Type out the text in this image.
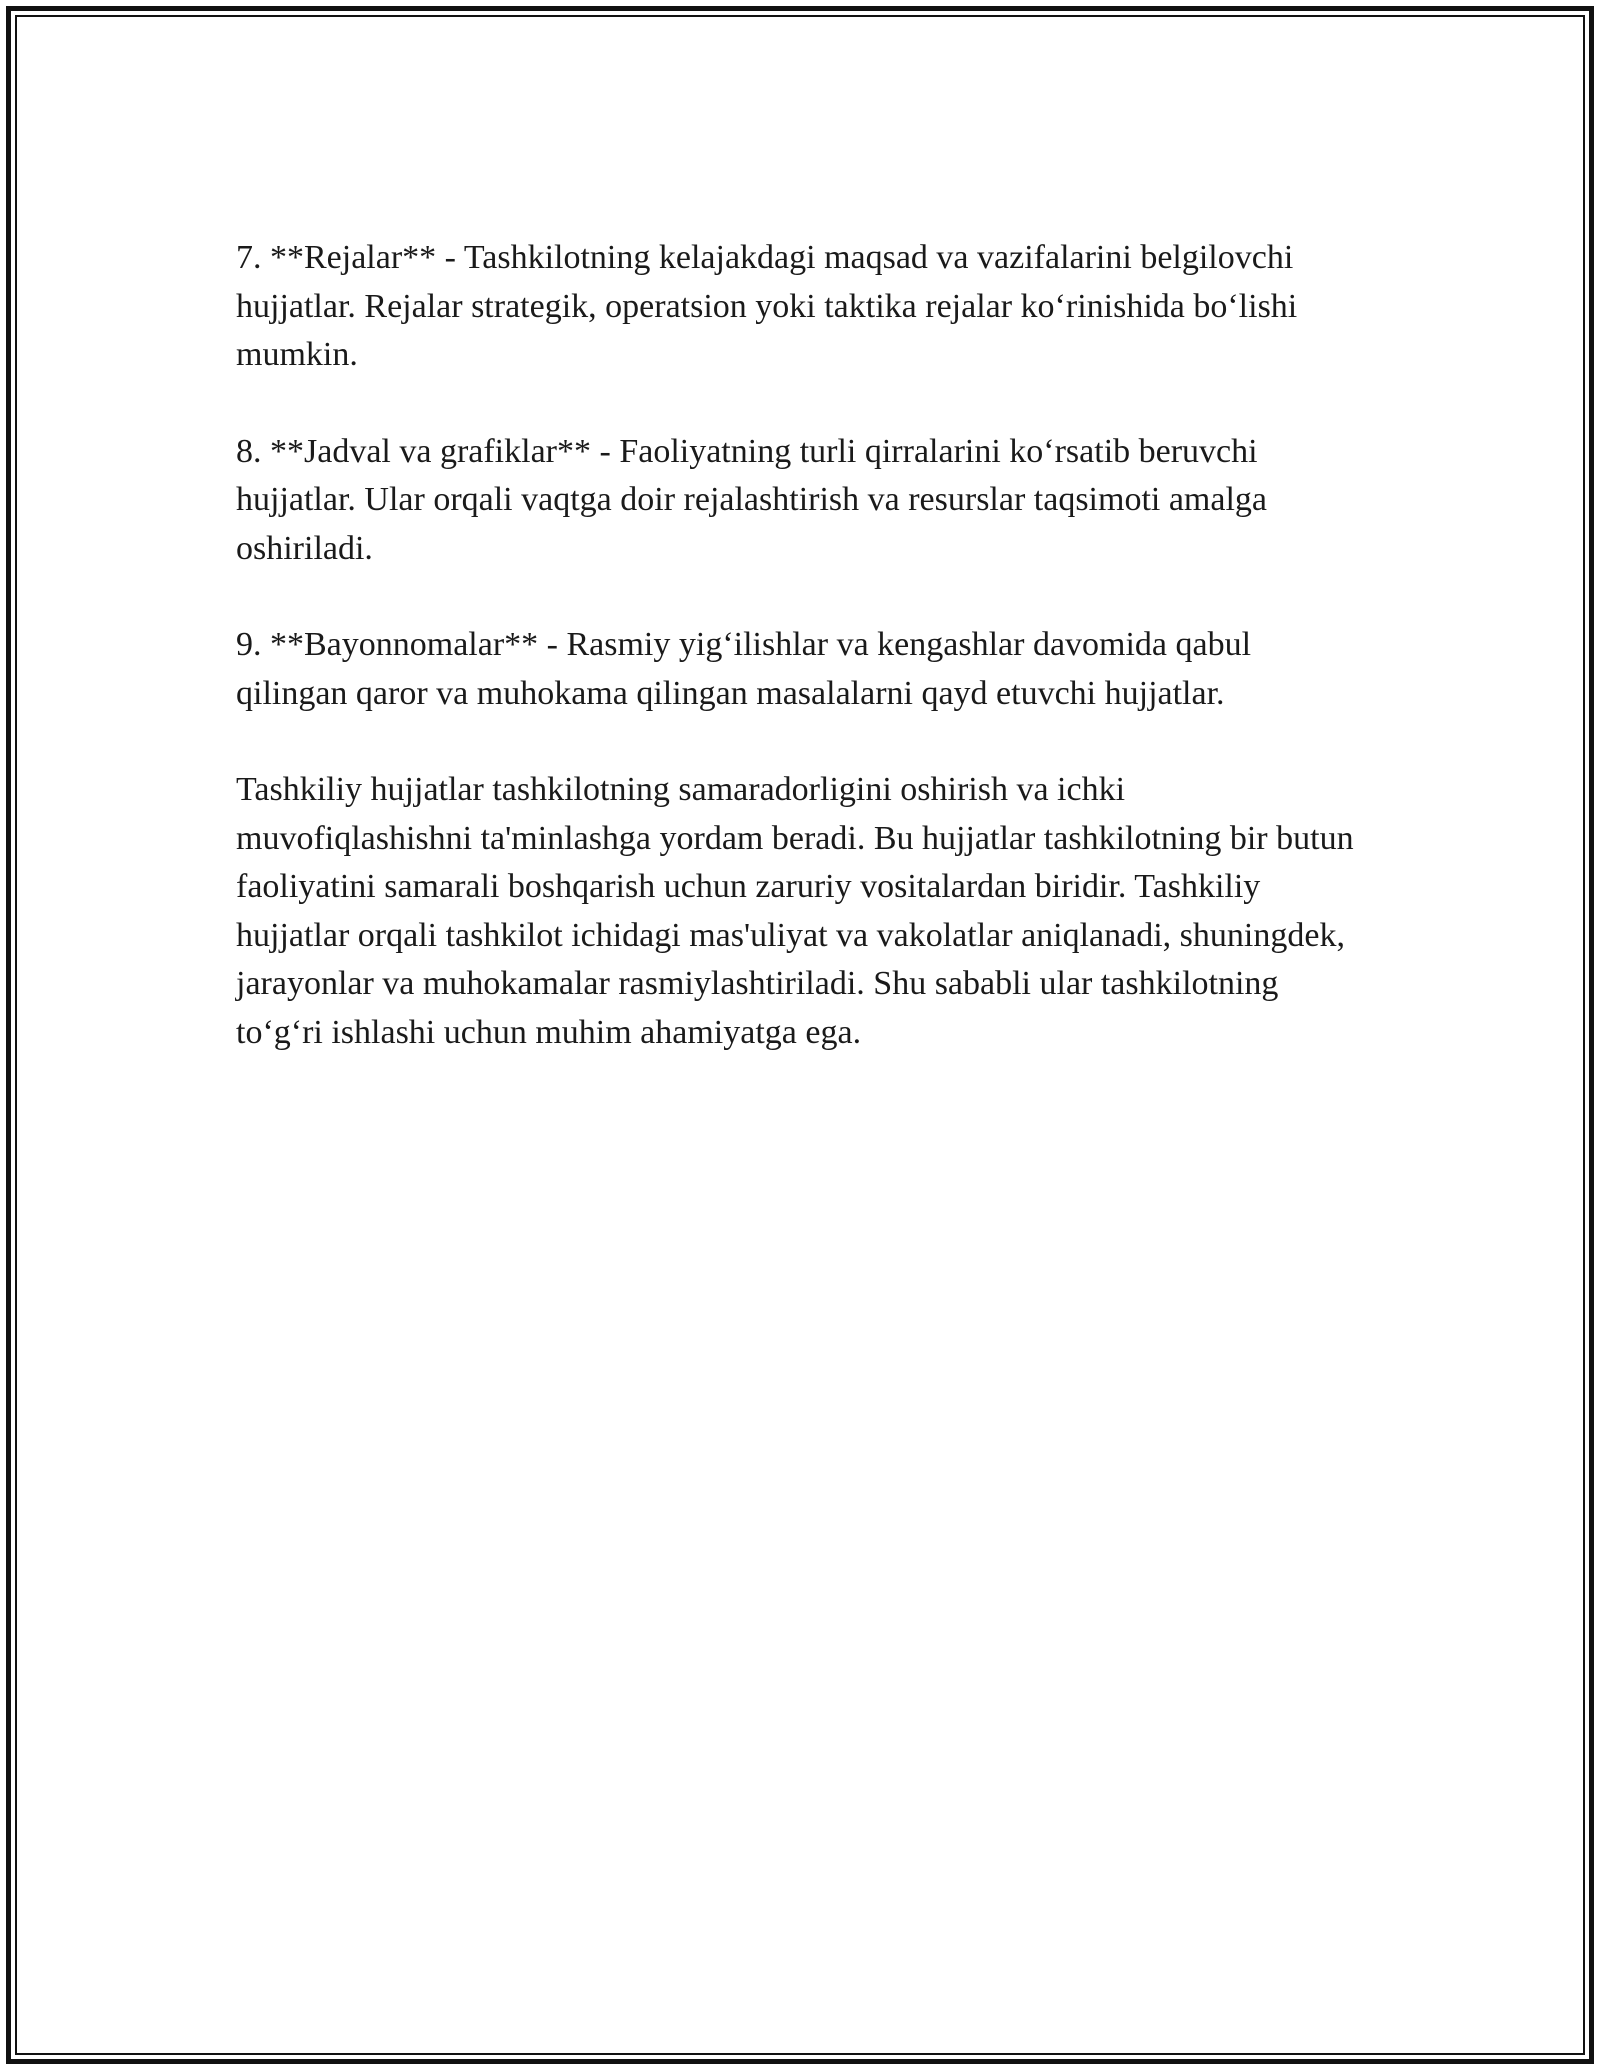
7. **Rejalar** - Tashkilotning kelajakdagi maqsad va vazifalarini belgilovchi hujjatlar. Rejalar strategik, operatsion yoki taktika rejalar ko‘rinishida bo‘lishi mumkin.

8. **Jadval va grafiklar** - Faoliyatning turli qirralarini ko‘rsatib beruvchi hujjatlar. Ular orqali vaqtga doir rejalashtirish va resurslar taqsimoti amalga oshiriladi.

9. **Bayonnomalar** - Rasmiy yig‘ilishlar va kengashlar davomida qabul qilingan qaror va muhokama qilingan masalalarni qayd etuvchi hujjatlar.

Tashkiliy hujjatlar tashkilotning samaradorligini oshirish va ichki muvofiqlashishni ta'minlashga yordam beradi. Bu hujjatlar tashkilotning bir butun faoliyatini samarali boshqarish uchun zaruriy vositalardan biridir. Tashkiliy hujjatlar orqali tashkilot ichidagi mas'uliyat va vakolatlar aniqlanadi, shuningdek, jarayonlar va muhokamalar rasmiylashtiriladi. Shu sababli ular tashkilotning to‘g‘ri ishlashi uchun muhim ahamiyatga ega.
